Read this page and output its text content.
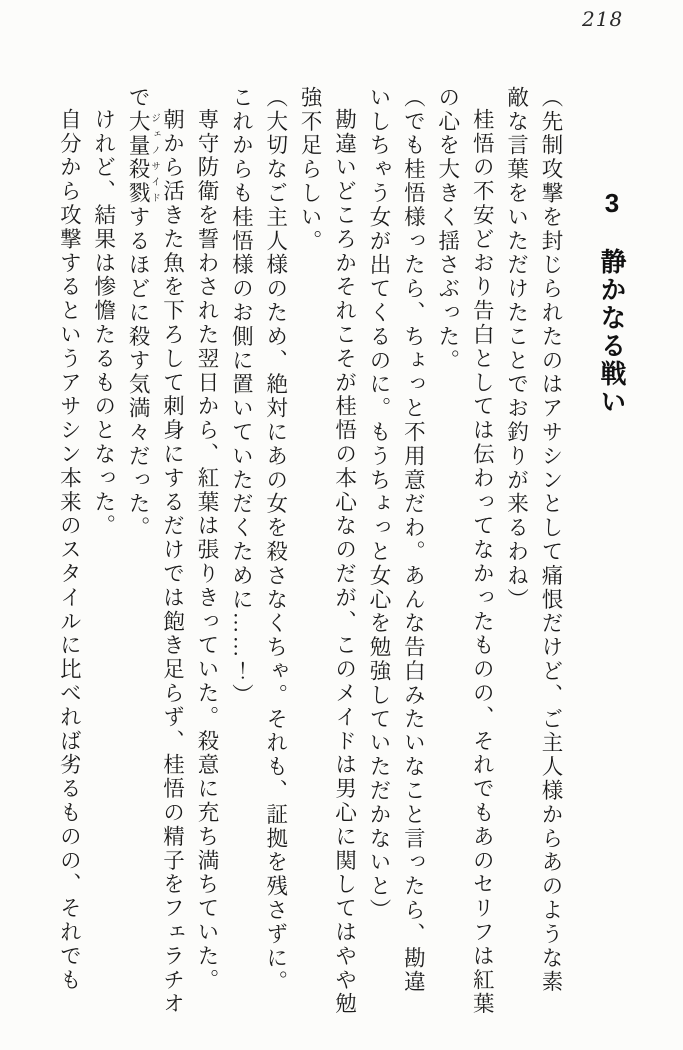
218
3　静かなる戦い

（先制攻撃を封じられたのはアサシンとして痛恨だけど、ご主人様からあのような素敵な言葉をいただけたことでお釣りが来るわね）

桂悟の不安どおり告白としては伝わってなかったものの、それでもあのセリフは紅葉の心を大きく揺さぶった。

（でも桂悟様ったら、ちょっと不用意だわ。あんな告白みたいなこと言ったら、勘違いしちゃう女が出てくるのに。もうちょっと女心を勉強していただかないと）

勘違いどころかそれこそが桂悟の本心なのだが、このメイドは男心に関してはやや勉強不足らしい。

（大切なご主人様のため、絶対にあの女を殺さなくちゃ。それも、証拠を残さずに。これからも桂悟様のお側に置いていただくために……！）

専守防衛を誓わされた翌日から、紅葉は張りきっていた。殺意に充ち満ちていた。

朝から活きた魚を下ろして刺身にするだけでは飽き足らず、桂悟の精子をフェラチオで大量殺戮 ジェノサイドするほどに殺す気満々だった。

けれど、結果は惨憺たるものとなった。

自分から攻撃するというアサシン本来のスタイルに比べれば劣るものの、それでも
